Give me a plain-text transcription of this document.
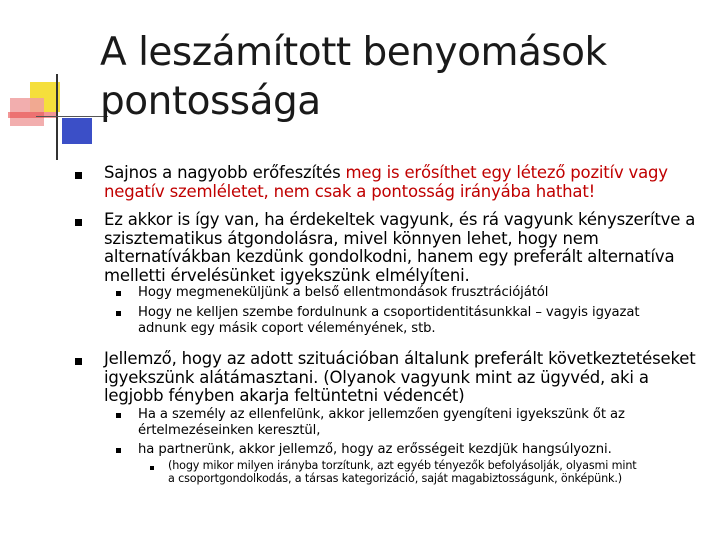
A leszámított benyomások
pontossága
Sajnos a nagyobb erőfeszítés meg is erősíthet egy létező pozitív vagy
negatív szemléletet, nem csak a pontosság irányába hathat!
Ez akkor is így van, ha érdekeltek vagyunk, és rá vagyunk kényszerítve a
szisztematikus átgondolásra, mivel könnyen lehet, hogy nem
alternatívákban kezdünk gondolkodni, hanem egy preferált alternatíva
melletti érvelésünket igyekszünk elmélyíteni.
Hogy megmeneküljünk a belső ellentmondások frusztrációjától
Hogy ne kelljen szembe fordulnunk a csoportidentitásunkkal – vagyis igyazat
adnunk egy másik coport véleményének, stb.
Jellemző, hogy az adott szituációban általunk preferált következtetéseket
igyekszünk alátámasztani. (Olyanok vagyunk mint az ügyvéd, aki a
legjobb fényben akarja feltüntetni védencét)
Ha a személy az ellenfelünk, akkor jellemzően gyengíteni igyekszünk őt az
értelmezéseinken keresztül,
ha partnerünk, akkor jellemző, hogy az erősségeit kezdjük hangsúlyozni.
(hogy mikor milyen irányba torzítunk, azt egyéb tényezők befolyásolják, olyasmi mint
a csoportgondolkodás, a társas kategorizáció, saját magabiztosságunk, önképünk.)
